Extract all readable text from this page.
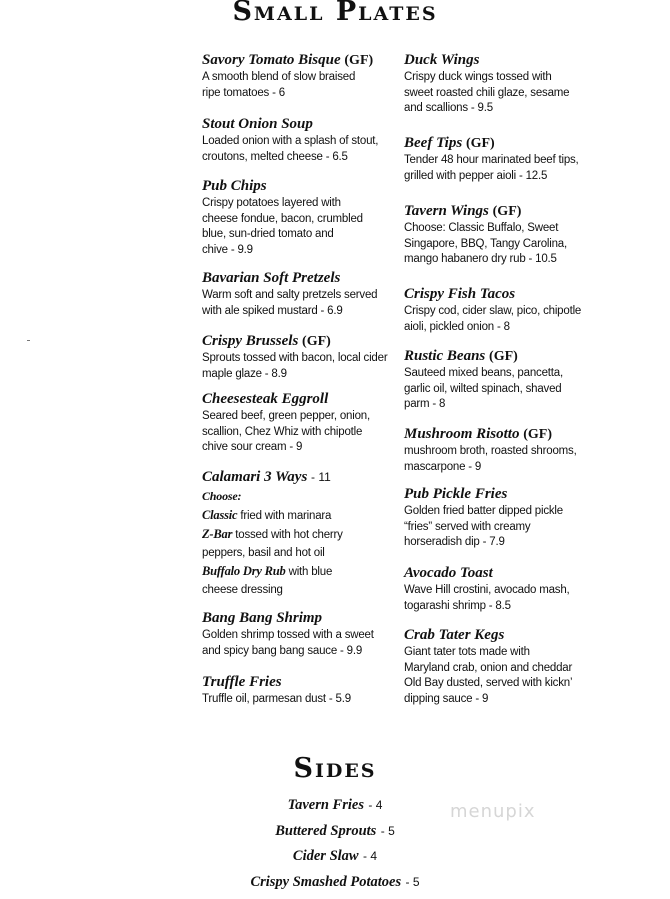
Small Plates
Savory Tomato Bisque (GF)
A smooth blend of slow braised
ripe tomatoes - 6
Stout Onion Soup
Loaded onion with a splash of stout,
croutons, melted cheese - 6.5
Pub Chips
Crispy potatoes layered with
cheese fondue, bacon, crumbled
blue, sun-dried tomato and
chive - 9.9
Bavarian Soft Pretzels
Warm soft and salty pretzels served
with ale spiked mustard - 6.9
Crispy Brussels (GF)
Sprouts tossed with bacon, local cider
maple glaze - 8.9
Cheesesteak Eggroll
Seared beef, green pepper, onion,
scallion, Chez Whiz with chipotle
chive sour cream - 9
Calamari 3 Ways - 11
Choose:
Classic fried with marinara
Z-Bar tossed with hot cherry
peppers, basil and hot oil
Buffalo Dry Rub with blue
cheese dressing
Bang Bang Shrimp
Golden shrimp tossed with a sweet
and spicy bang bang sauce - 9.9
Truffle Fries
Truffle oil, parmesan dust - 5.9
Duck Wings
Crispy duck wings tossed with
sweet roasted chili glaze, sesame
and scallions - 9.5
Beef Tips (GF)
Tender 48 hour marinated beef tips,
grilled with pepper aioli - 12.5
Tavern Wings (GF)
Choose: Classic Buffalo, Sweet
Singapore, BBQ, Tangy Carolina,
mango habanero dry rub - 10.5
Crispy Fish Tacos
Crispy cod, cider slaw, pico, chipotle
aioli, pickled onion - 8
Rustic Beans (GF)
Sauteed mixed beans, pancetta,
garlic oil, wilted spinach, shaved
parm - 8
Mushroom Risotto (GF)
mushroom broth, roasted shrooms,
mascarpone - 9
Pub Pickle Fries
Golden fried batter dipped pickle
“fries” served with creamy
horseradish dip - 7.9
Avocado Toast
Wave Hill crostini, avocado mash,
togarashi shrimp - 8.5
Crab Tater Kegs
Giant tater tots made with
Maryland crab, onion and cheddar
Old Bay dusted, served with kickn’
dipping sauce - 9
Sides
Tavern Fries - 4
Buttered Sprouts - 5
Cider Slaw - 4
Crispy Smashed Potatoes - 5
menupix
